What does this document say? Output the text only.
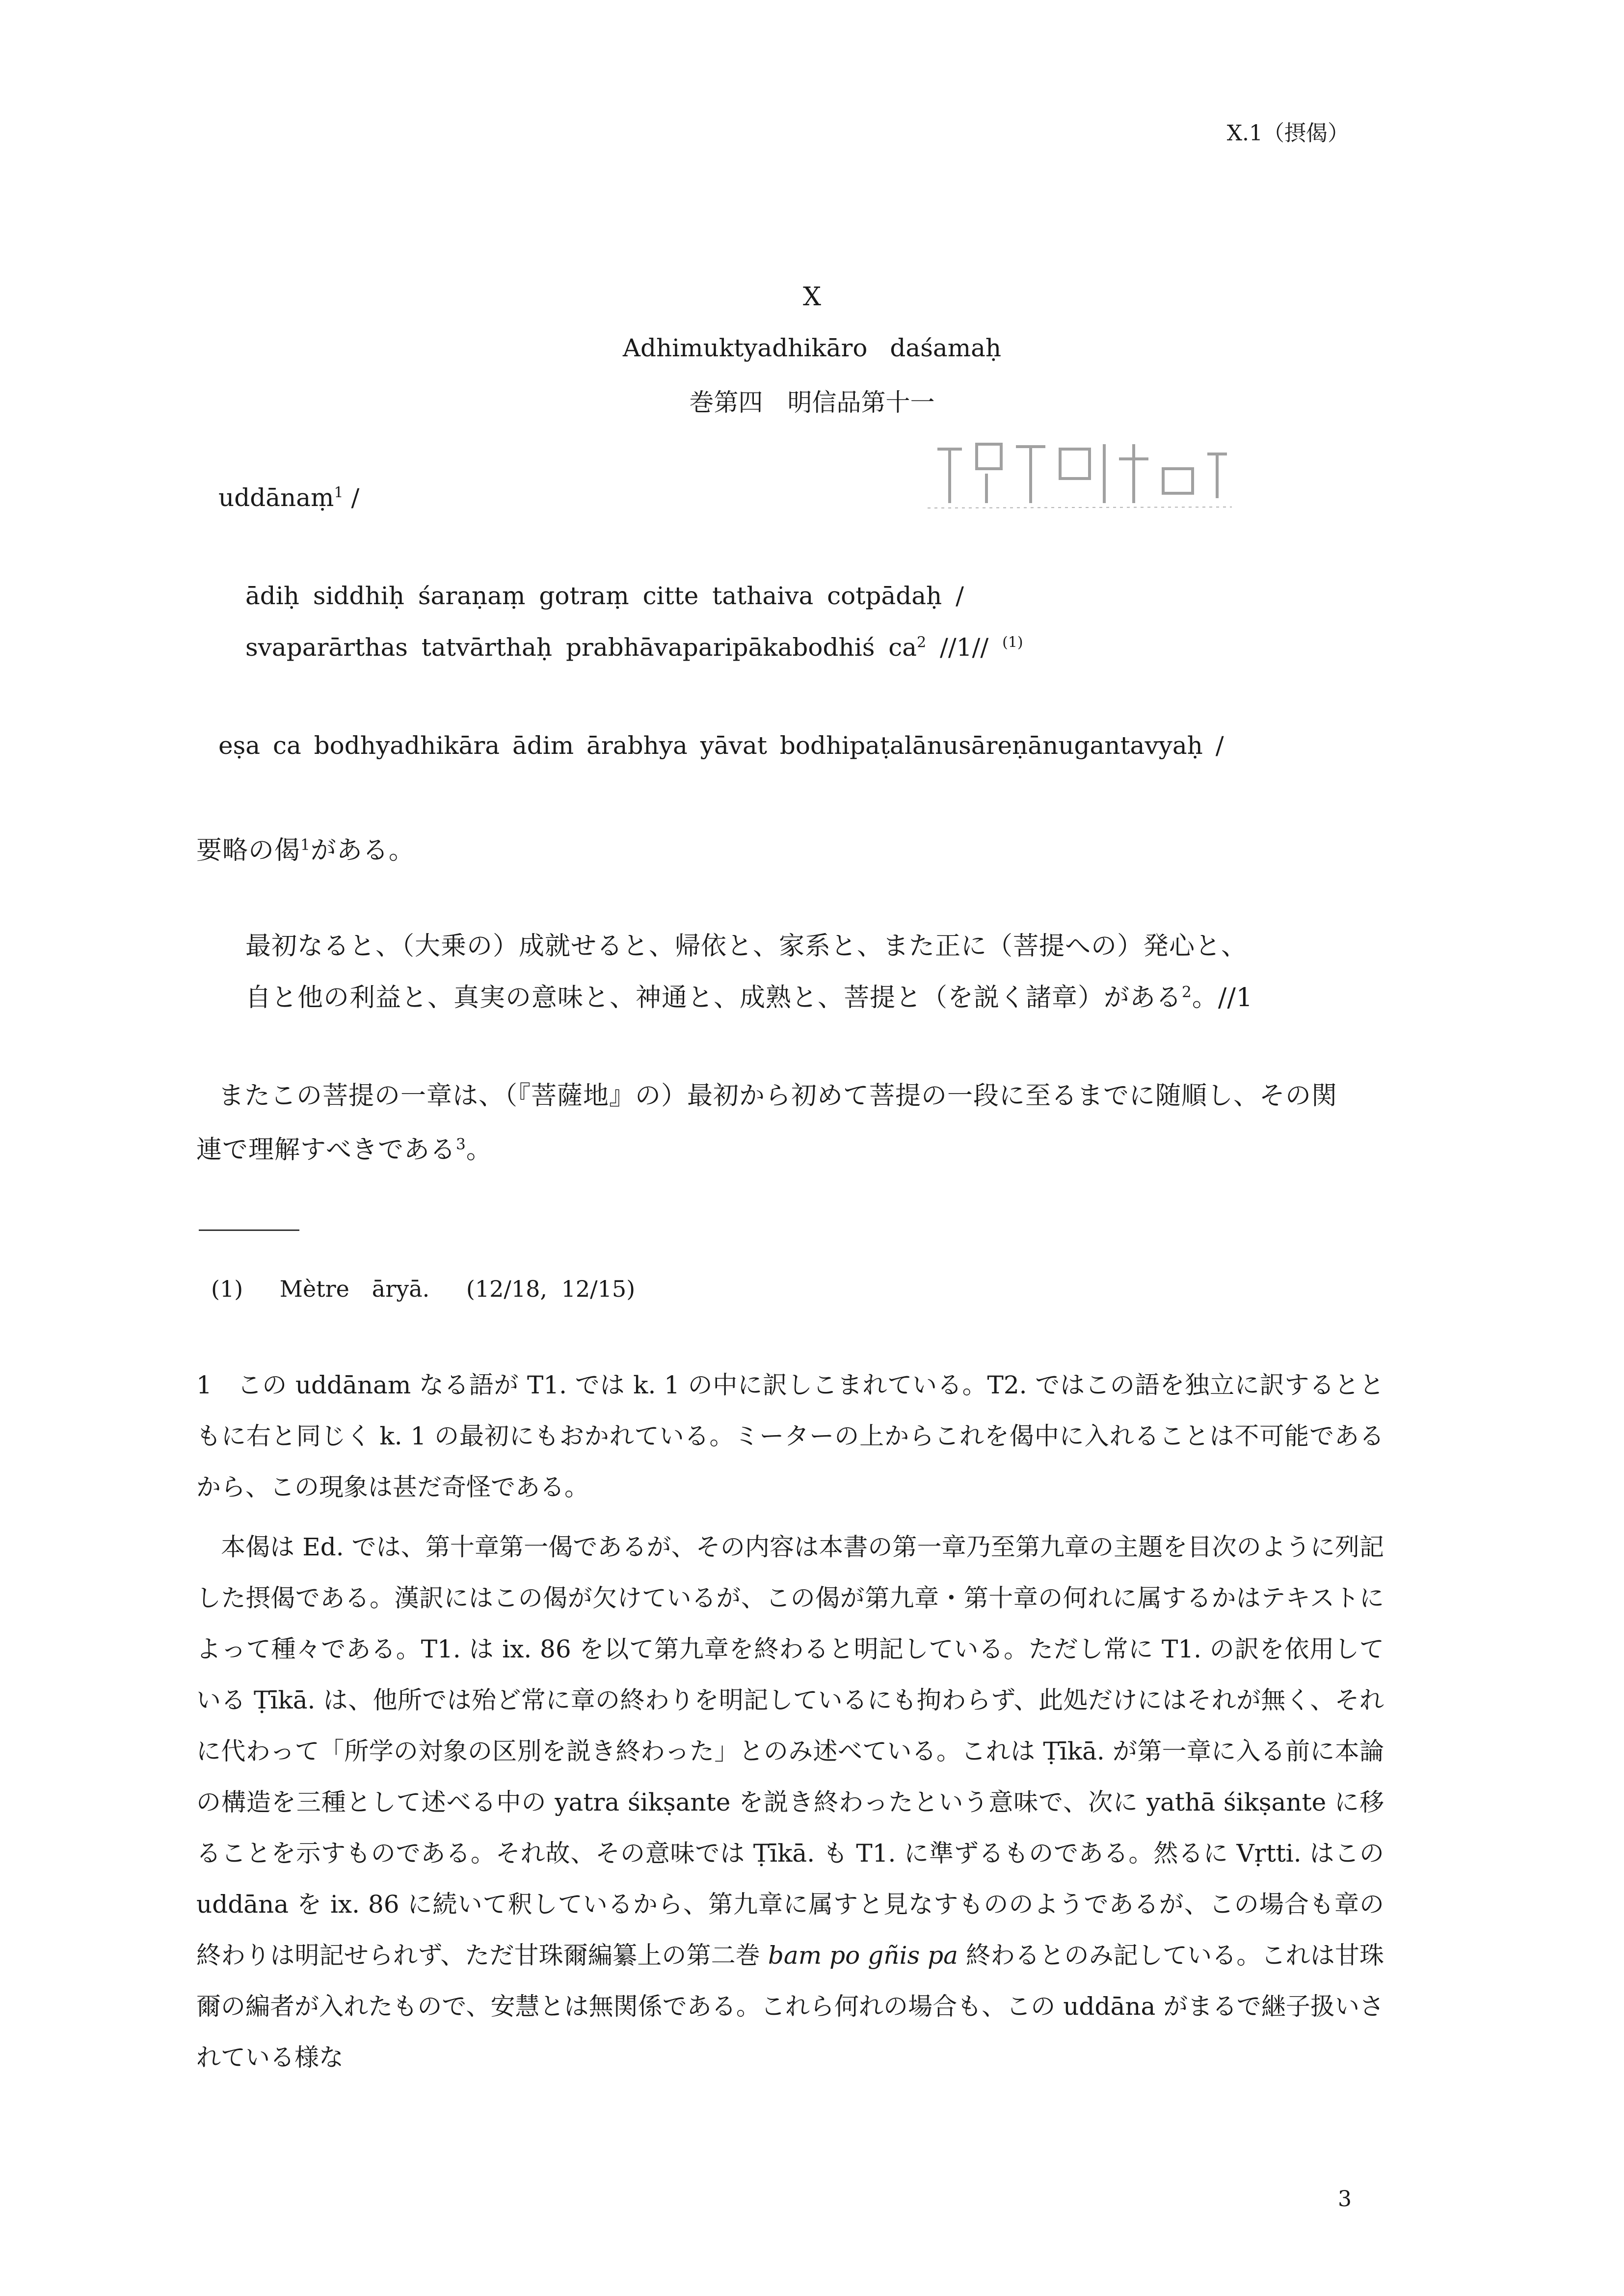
X.1（摂偈）
X
Adhimuktyadhikāro daśamaḥ
巻第四　明信品第十一
uddānaṃ$^1$ /
ādiḥ siddhiḥ śaraṇaṃ gotraṃ citte tathaiva cotpādaḥ /
svaparārthas tatvārthaḥ prabhāvaparipākabodhiś $ca^2$ //1// $^{(1)}$
eṣa ca bodhyadhikāra ādim ārabhya yāvat bodhipaṭalānusāreṇānugantavyaḥ /
要略の偈$^1$がある。
最初なると、（大乗の）成就せると、帰依と、家系と、また正に（菩提への）発心と、
自と他の利益と、真実の意味と、神通と、成熟と、菩提と（を説く諸章）がある$^2$。//1
またこの菩提の一章は、（『菩薩地』の）最初から初めて菩提の一段に至るまでに随順し、その関
連で理解すべきである$^3$。
(1)　 Mètre　āryā.　 (12/18, 12/15)

1　この uddānam なる語が T1. では k. 1 の中に訳しこまれている。T2. ではこの語を独立に訳するとともに右と同じく k. 1 の最初にもおかれている。ミーターの上からこれを偈中に入れることは不可能であるから、この現象は甚だ奇怪である。

本偈は Ed. では、第十章第一偈であるが、その内容は本書の第一章乃至第九章の主題を目次のように列記した摂偈である。漢訳にはこの偈が欠けているが、この偈が第九章・第十章の何れに属するかはテキストによって種々である。T1. は ix. 86 を以て第九章を終わると明記している。ただし常に T1. の訳を依用している Ṭīkā. は、他所では殆ど常に章の終わりを明記しているにも拘わらず、此処だけにはそれが無く、それに代わって「所学の対象の区別を説き終わった」とのみ述べている。これは Ṭīkā. が第一章に入る前に本論の構造を三種として述べる中の yatra śikṣante を説き終わったという意味で、次に yathā śikṣante に移ることを示すものである。それ故、その意味では Ṭīkā. も T1. に準ずるものである。然るに Vṛtti. はこの uddāna を ix. 86 に続いて釈しているから、第九章に属すと見なすもののようであるが、この場合も章の終わりは明記せられず、ただ甘珠爾編纂上の第二巻 bam po gñis pa 終わるとのみ記している。これは甘珠爾の編者が入れたもので、安慧とは無関係である。これら何れの場合も、この uddāna がまるで継子扱いされている様な

3
